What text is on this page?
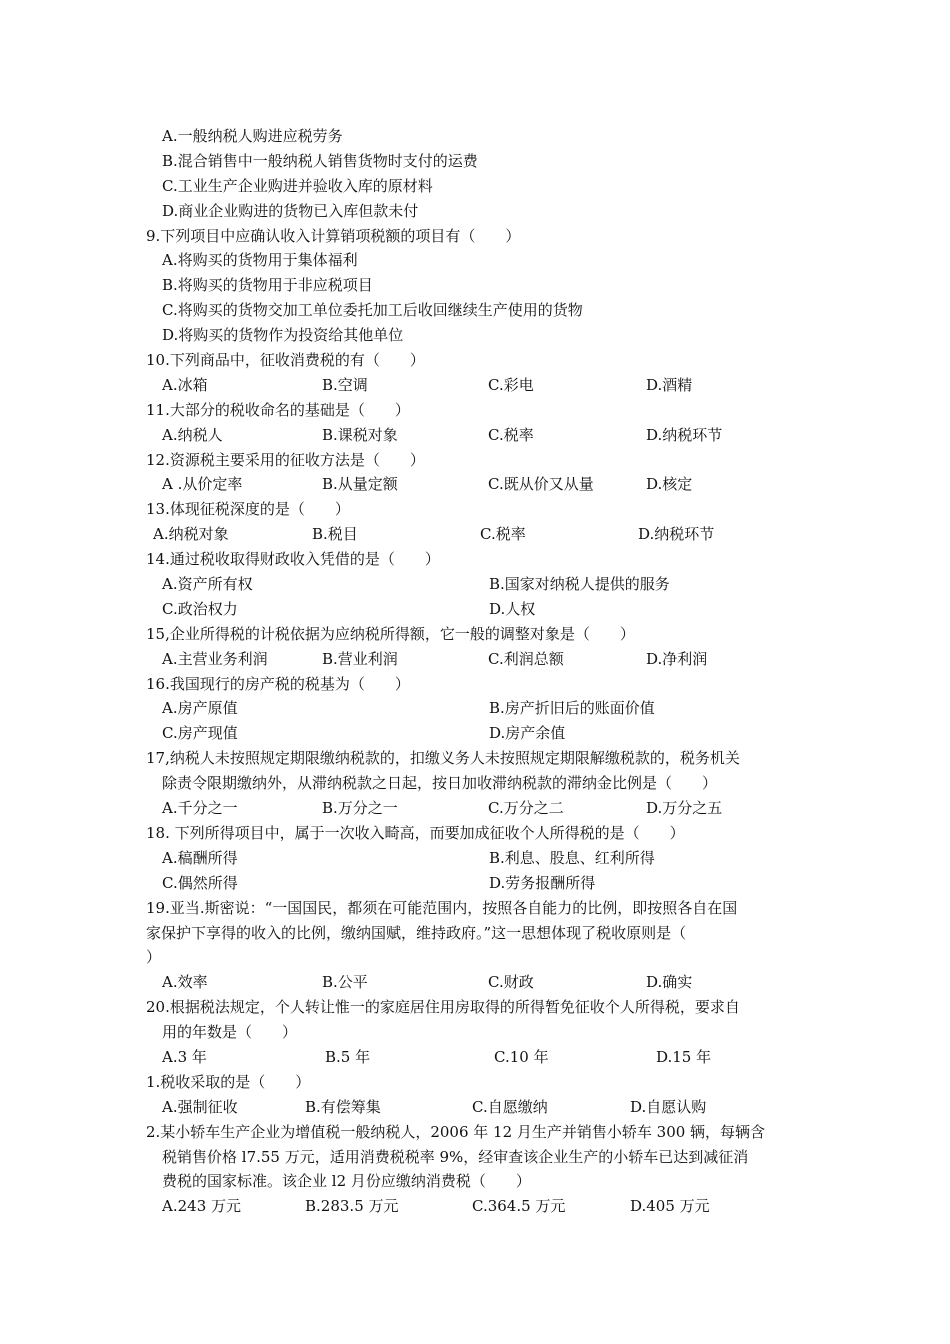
A.一般纳税人购进应税劳务
B.混合销售中一般纳税人销售货物时支付的运费
C.工业生产企业购进并验收入库的原材料
D.商业企业购进的货物已入库但款未付
9.下列项目中应确认收入计算销项税额的项目有（　　）
A.将购买的货物用于集体福利
B.将购买的货物用于非应税项目
C.将购买的货物交加工单位委托加工后收回继续生产使用的货物
D.将购买的货物作为投资给其他单位
10.下列商品中，征收消费税的有（　　）
A.冰箱	B.空调	C.彩电	D.酒精
11.大部分的税收命名的基础是（　　）
A.纳税人	B.课税对象	C.税率	D.纳税环节
12.资源税主要采用的征收方法是（　　）
A .从价定率	B.从量定额	C.既从价又从量	D.核定
13.体现征税深度的是（　　）
A.纳税对象	B.税目	C.税率	D.纳税环节
14.通过税收取得财政收入凭借的是（　　）
A.资产所有权	B.国家对纳税人提供的服务
C.政治权力	D.人权
15,企业所得税的计税依据为应纳税所得额，它一般的调整对象是（　　）
A.主营业务利润	B.营业利润	C.利润总额	D.净利润
16.我国现行的房产税的税基为（　　）
A.房产原值	B.房产折旧后的账面价值
C.房产现值	D.房产余值
17,纳税人未按照规定期限缴纳税款的，扣缴义务人未按照规定期限解缴税款的，税务机关
除责令限期缴纳外，从滞纳税款之日起，按日加收滞纳税款的滞纳金比例是（　　）
A.千分之一	B.万分之一	C.万分之二	D.万分之五
18. 下列所得项目中，属于一次收入畸高，而要加成征收个人所得税的是（　　）
A.稿酬所得	B.利息、股息、红利所得
C.偶然所得	D.劳务报酬所得
19.亚当.斯密说：“一国国民，都须在可能范围内，按照各自能力的比例，即按照各自在国
家保护下享得的收入的比例，缴纳国赋，维持政府。”这一思想体现了税收原则是（
）
A.效率	B.公平	C.财政	D.确实
20.根据税法规定，个人转让惟一的家庭居住用房取得的所得暂免征收个人所得税，要求自
用的年数是（　　）
A.3 年	B.5 年	C.10 年	D.15 年
1.税收采取的是（　　）
A.强制征收	B.有偿筹集	C.自愿缴纳	D.自愿认购
2.某小轿车生产企业为增值税一般纳税人，2006 年 12 月生产并销售小轿车 300 辆，每辆含
税销售价格 l7.55 万元，适用消费税税率 9%，经审查该企业生产的小轿车已达到减征消
费税的国家标准。该企业 l2 月份应缴纳消费税（　　）
A.243 万元	B.283.5 万元	C.364.5 万元	D.405 万元
